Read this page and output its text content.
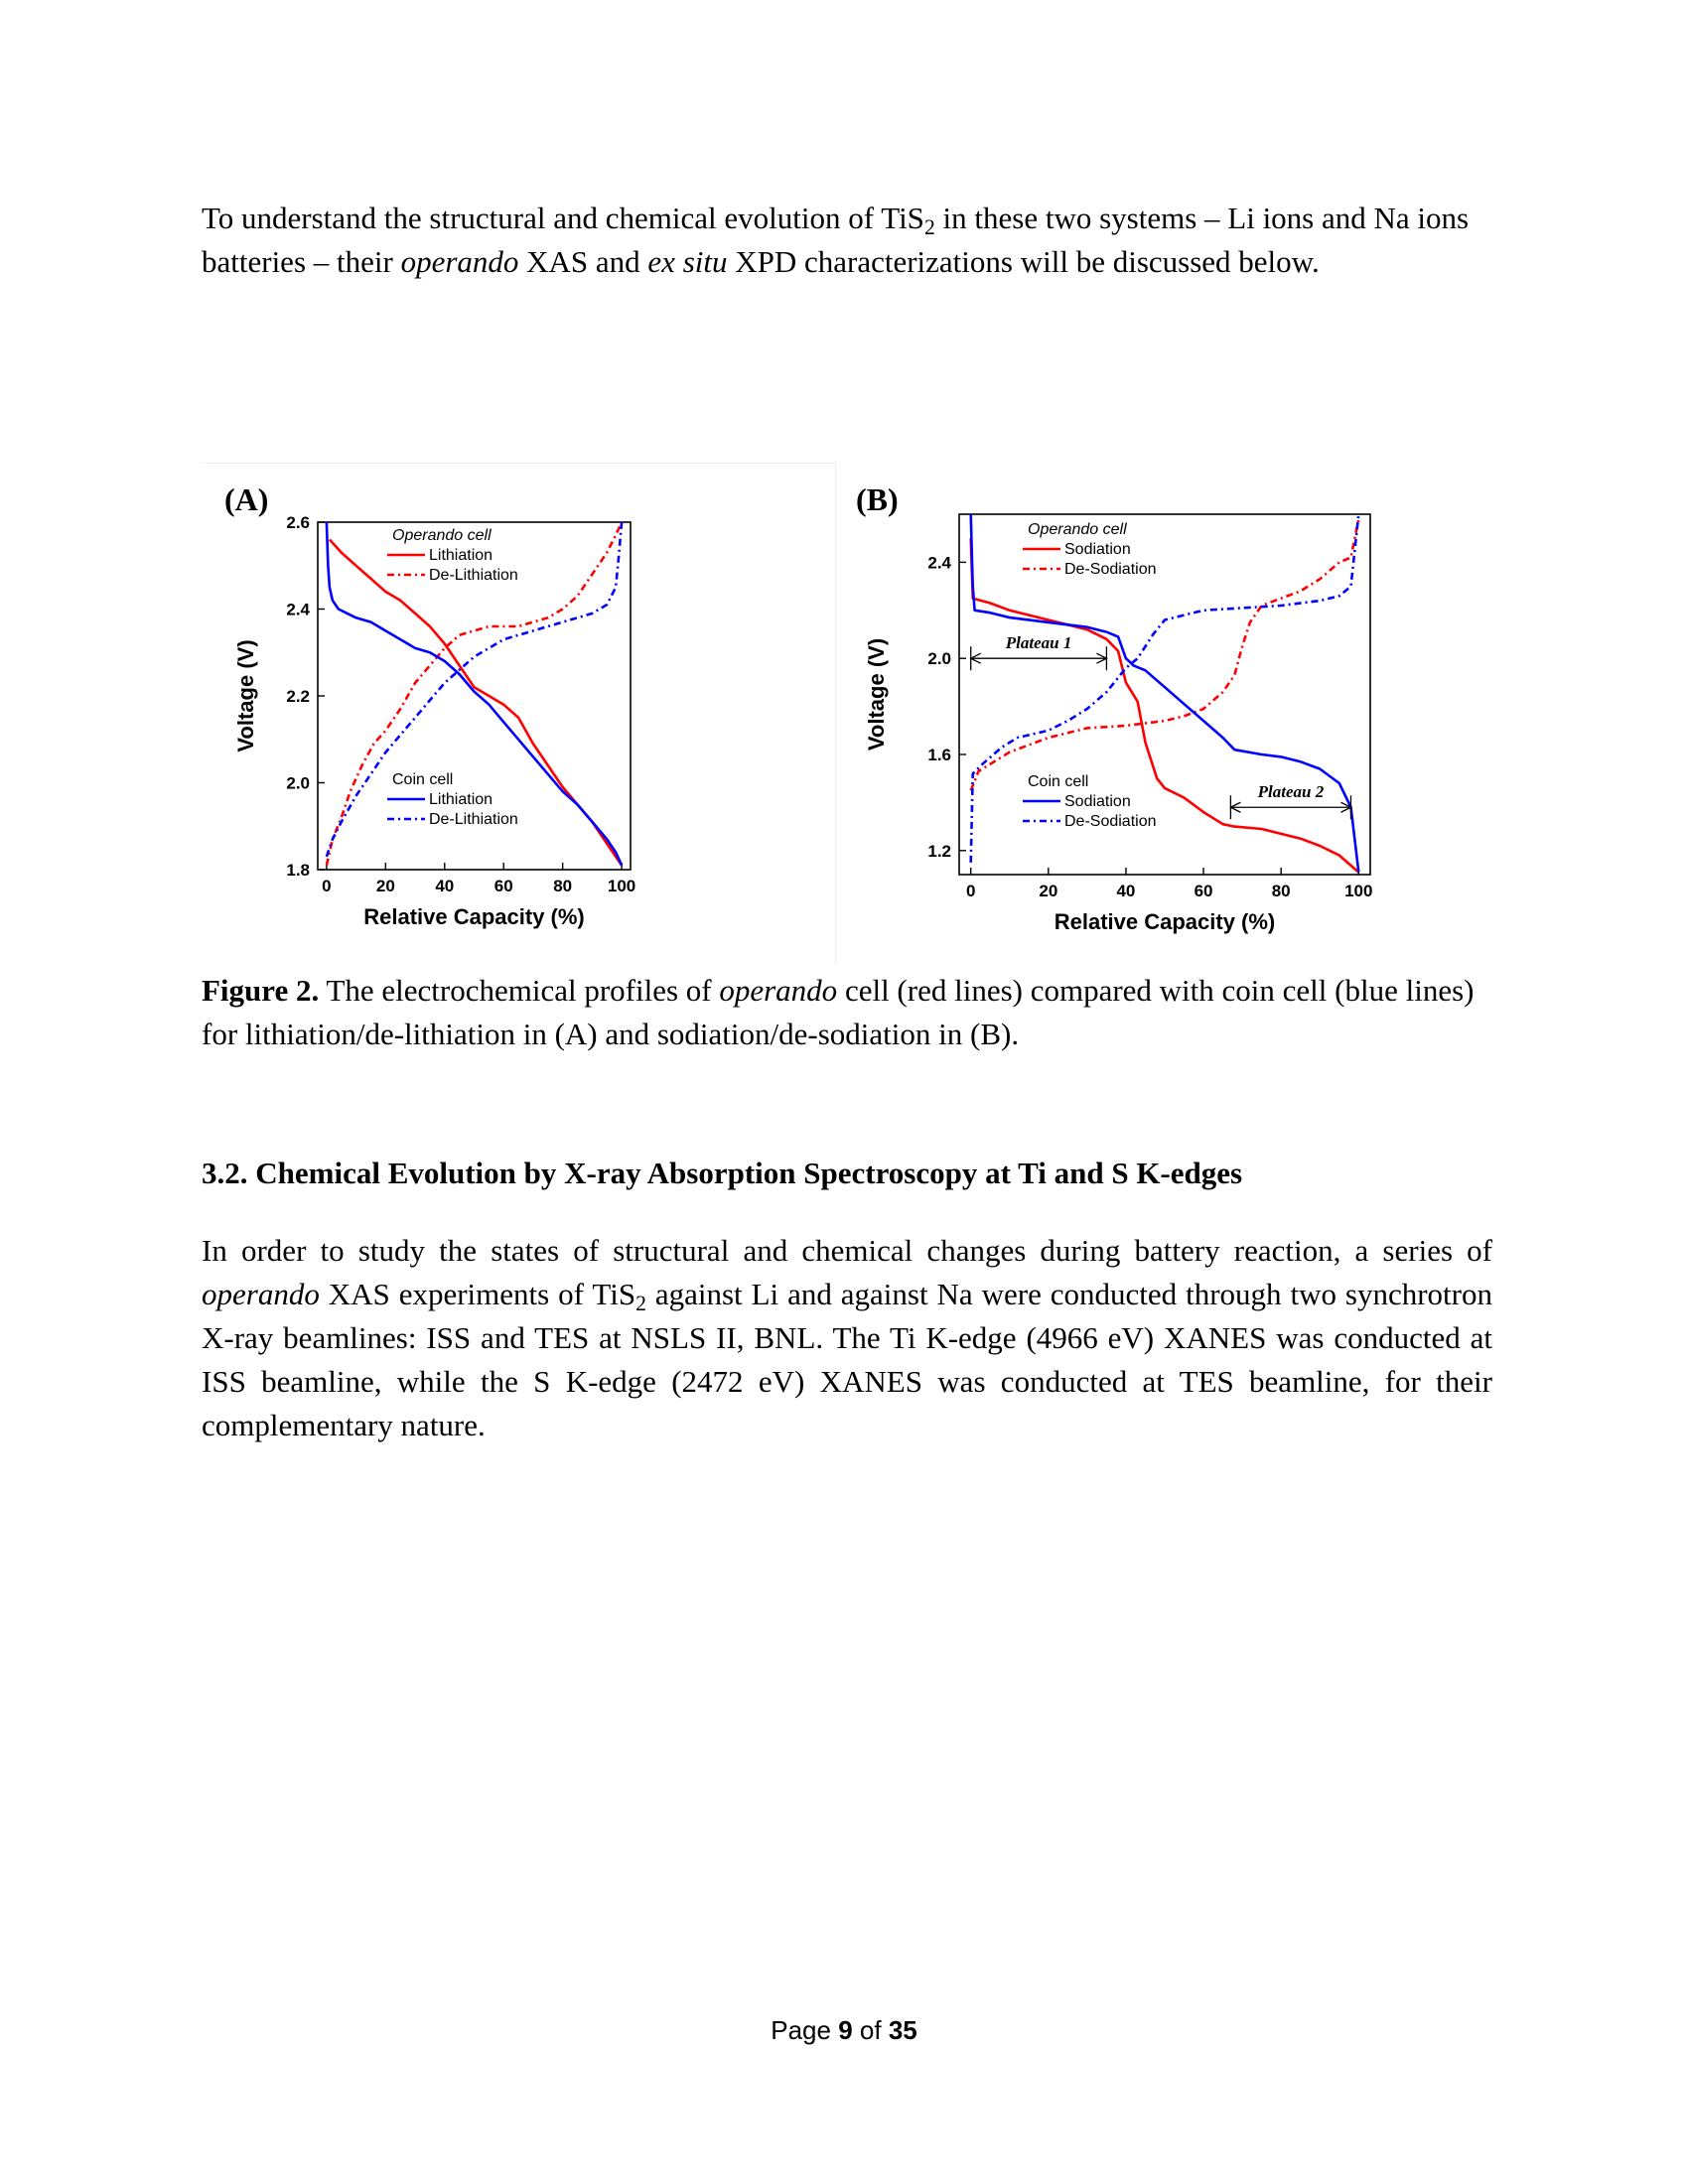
To understand the structural and chemical evolution of TiS$_2$ in these two systems – Li ions and Na ions batteries – their operando XAS and ex situ XPD characterizations will be discussed below.

(A)
0	20 40 60 80 100
1.8
2.0
2.2
2.4
2.6
Relative Capacity (%)
Voltage (V)
Operando cell
Lithiation
De-Lithiation
Coin cell
Lithiation
De-Lithiation
(B)
0	20	40	60	80	100
1.2
1.6
2.0
2.4
Relative Capacity (%)
Voltage (V)
Operando cell
Sodiation
De-Sodiation
Coin cell
Sodiation
De-Sodiation
Plateau 1
Plateau 2

Figure 2. The electrochemical profiles of operando cell (red lines) compared with coin cell (blue lines) for lithiation/de-lithiation in (A) and sodiation/de-sodiation in (B).

3.2. Chemical Evolution by X-ray Absorption Spectroscopy at Ti and S K-edges

In order to study the states of structural and chemical changes during battery reaction, a series of operando XAS experiments of TiS$_2$ against Li and against Na were conducted through two synchrotron X-ray beamlines: ISS and TES at NSLS II, BNL. The Ti K-edge (4966 eV) XANES was conducted at ISS beamline, while the S K-edge (2472 eV) XANES was conducted at TES beamline, for their complementary nature.

Page 9 of 35
